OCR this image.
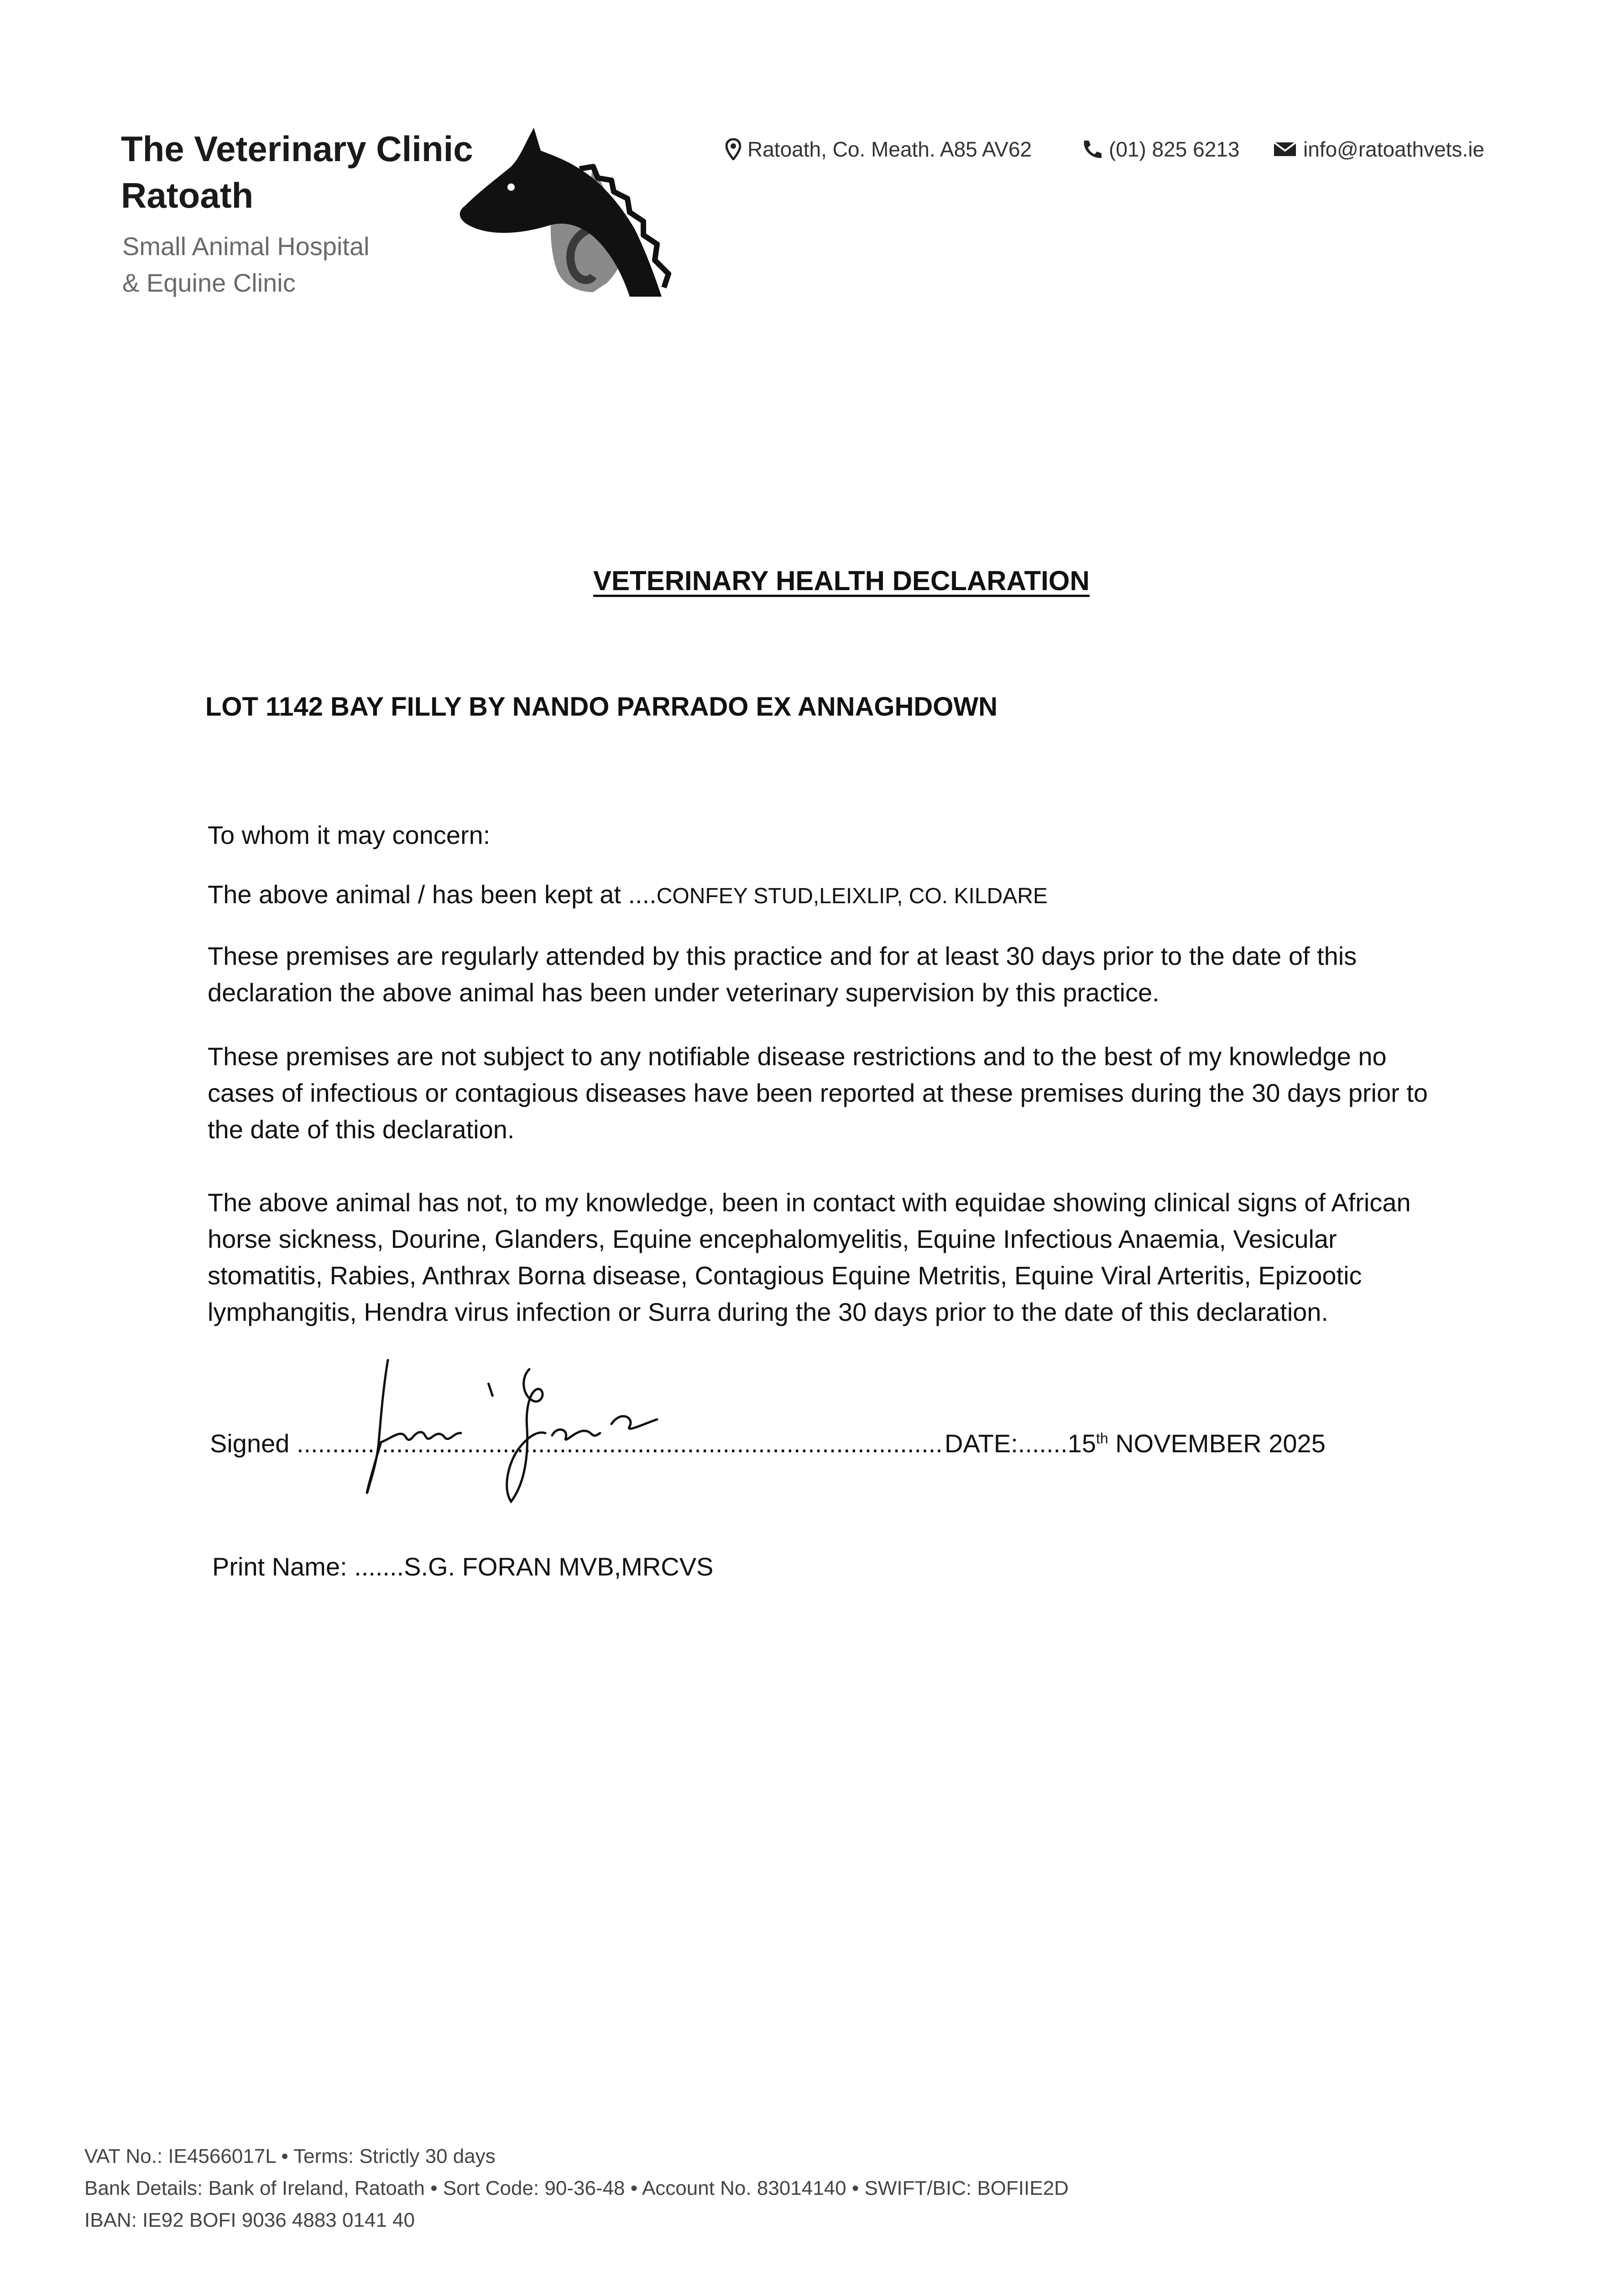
The Veterinary Clinic
Ratoath
Small Animal Hospital
& Equine Clinic
Ratoath, Co. Meath. A85 AV62	(01) 825 6213	info@ratoathvets.ie
VETERINARY HEALTH DECLARATION
LOT 1142 BAY FILLY BY NANDO PARRADO EX ANNAGHDOWN
To whom it may concern:
The above animal / has been kept at ....CONFEY STUD,LEIXLIP, CO. KILDARE
These premises are regularly attended by this practice and for at least 30 days prior to the date of this declaration the above animal has been under veterinary supervision by this practice.
These premises are not subject to any notifiable disease restrictions and to the best of my knowledge no cases of infectious or contagious diseases have been reported at these premises during the 30 days prior to the date of this declaration.
The above animal has not, to my knowledge, been in contact with equidae showing clinical signs of African horse sickness, Dourine, Glanders, Equine encephalomyelitis, Equine Infectious Anaemia, Vesicular stomatitis, Rabies, Anthrax Borna disease, Contagious Equine Metritis, Equine Viral Arteritis, Epizootic lymphangitis, Hendra virus infection or Surra during the 30 days prior to the date of this declaration.
Signed ........................................................................................... DATE:.......15th NOVEMBER 2025
Print Name: .......S.G. FORAN MVB,MRCVS
VAT No.: IE4566017L • Terms: Strictly 30 days
Bank Details: Bank of Ireland, Ratoath • Sort Code: 90-36-48 • Account No. 83014140 • SWIFT/BIC: BOFIIE2D
IBAN: IE92 BOFI 9036 4883 0141 40
